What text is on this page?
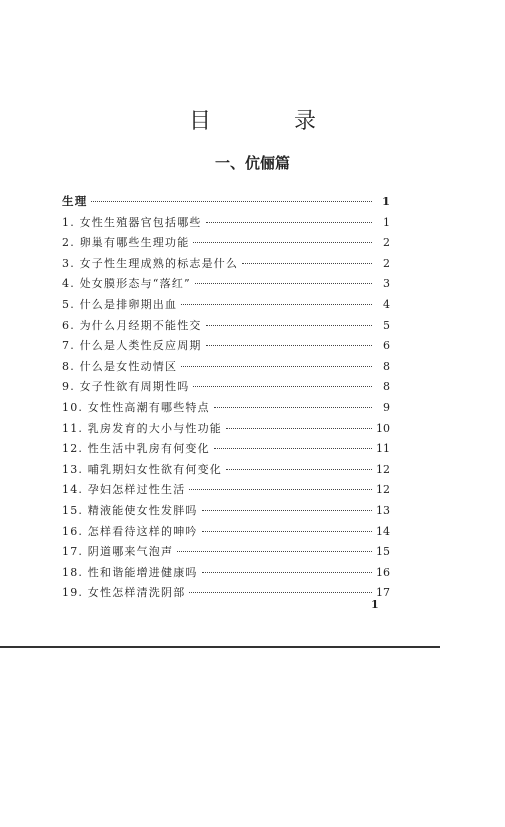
目 录
一、伉俪篇
生理	1
1. 女性生殖器官包括哪些	1
2. 卵巢有哪些生理功能	2
3. 女子性生理成熟的标志是什么	2
4. 处女膜形态与“落红”	3
5. 什么是排卵期出血	4
6. 为什么月经期不能性交	5
7. 什么是人类性反应周期	6
8. 什么是女性动情区	8
9. 女子性欲有周期性吗	8
10. 女性性高潮有哪些特点	9
11. 乳房发育的大小与性功能	10
12. 性生活中乳房有何变化	11
13. 哺乳期妇女性欲有何变化	12
14. 孕妇怎样过性生活	12
15. 精液能使女性发胖吗	13
16. 怎样看待这样的呻吟	14
17. 阴道哪来气泡声	15
18. 性和谐能增进健康吗	16
19. 女性怎样清洗阴部	17
1
